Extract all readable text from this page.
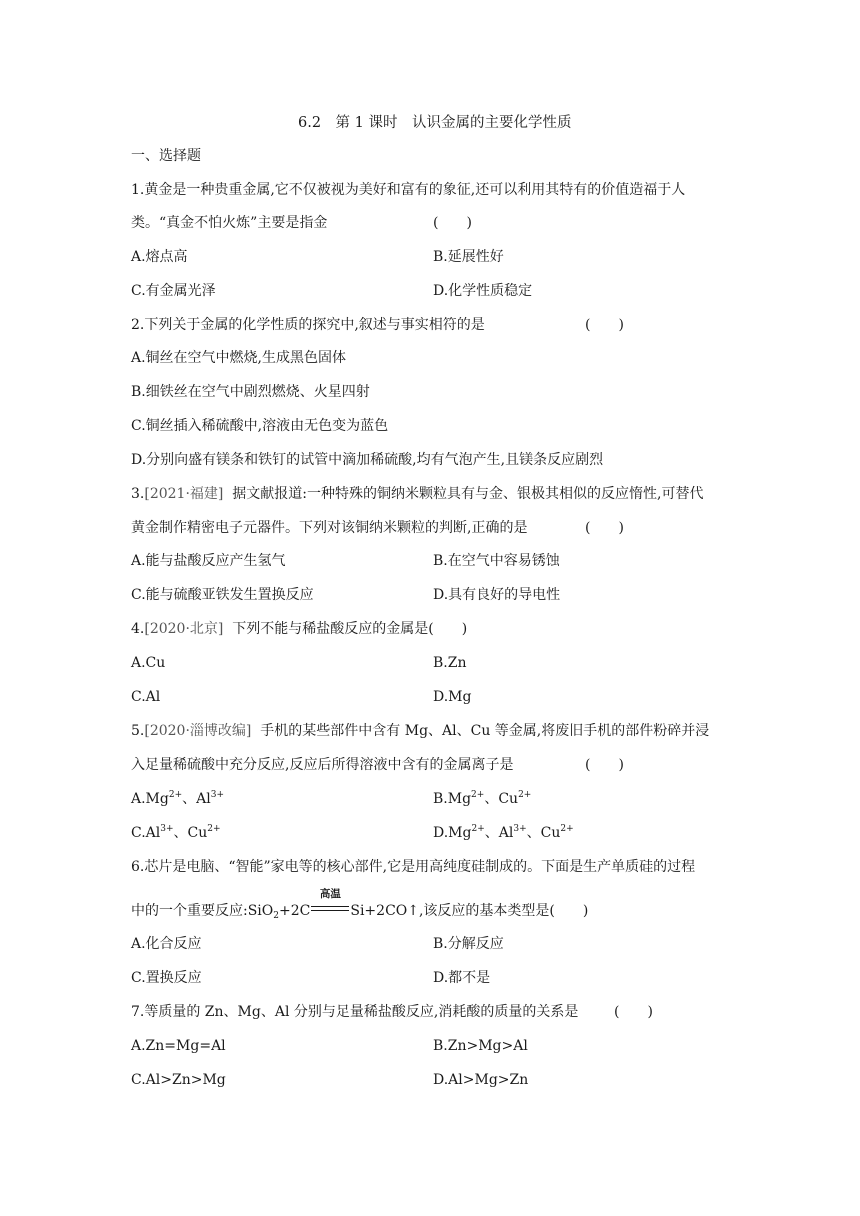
6.2　第 1 课时　认识金属的主要化学性质
一、选择题
1.黄金是一种贵重金属,它不仅被视为美好和富有的象征,还可以利用其特有的价值造福于人
类。“真金不怕火炼”主要是指金	(　　)
A.熔点高	B.延展性好
C.有金属光泽	D.化学性质稳定
2.下列关于金属的化学性质的探究中,叙述与事实相符的是	(　　)
A.铜丝在空气中燃烧,生成黑色固体
B.细铁丝在空气中剧烈燃烧、火星四射
C.铜丝插入稀硫酸中,溶液由无色变为蓝色
D.分别向盛有镁条和铁钉的试管中滴加稀硫酸,均有气泡产生,且镁条反应剧烈
3.[2021·福建] 据文献报道:一种特殊的铜纳米颗粒具有与金、银极其相似的反应惰性,可替代
黄金制作精密电子元器件。下列对该铜纳米颗粒的判断,正确的是	(　　)
A.能与盐酸反应产生氢气	B.在空气中容易锈蚀
C.能与硫酸亚铁发生置换反应	D.具有良好的导电性
4.[2020·北京] 下列不能与稀盐酸反应的金属是(　　)
A.Cu	B.Zn
C.Al	D.Mg
5.[2020·淄博改编] 手机的某些部件中含有 Mg、Al、Cu 等金属,将废旧手机的部件粉碎并浸
入足量稀硫酸中充分反应,反应后所得溶液中含有的金属离子是	(　　)
$A.Mg^{2+}$、$Al^{3+}$	$B.Mg^{2+}$、$Cu^{2+}$
$C.Al^{3+}$、$Cu^{2+}$	$D.Mg^{2+}$、$Al^{3+}$、$Cu^{2+}$
6.芯片是电脑、“智能”家电等的核心部件,它是用高纯度硅制成的。下面是生产单质硅的过程
中的一个重要反应:SiO$_2$+2C
高温
Si+2CO↑,该反应的基本类型是(　　)
A.化合反应	B.分解反应
C.置换反应	D.都不是
7.等质量的 Zn、Mg、Al 分别与足量稀盐酸反应,消耗酸的质量的关系是	(　　)
A.Zn=Mg=Al	B.Zn>Mg>Al
C.Al>Zn>Mg	D.Al>Mg>Zn
